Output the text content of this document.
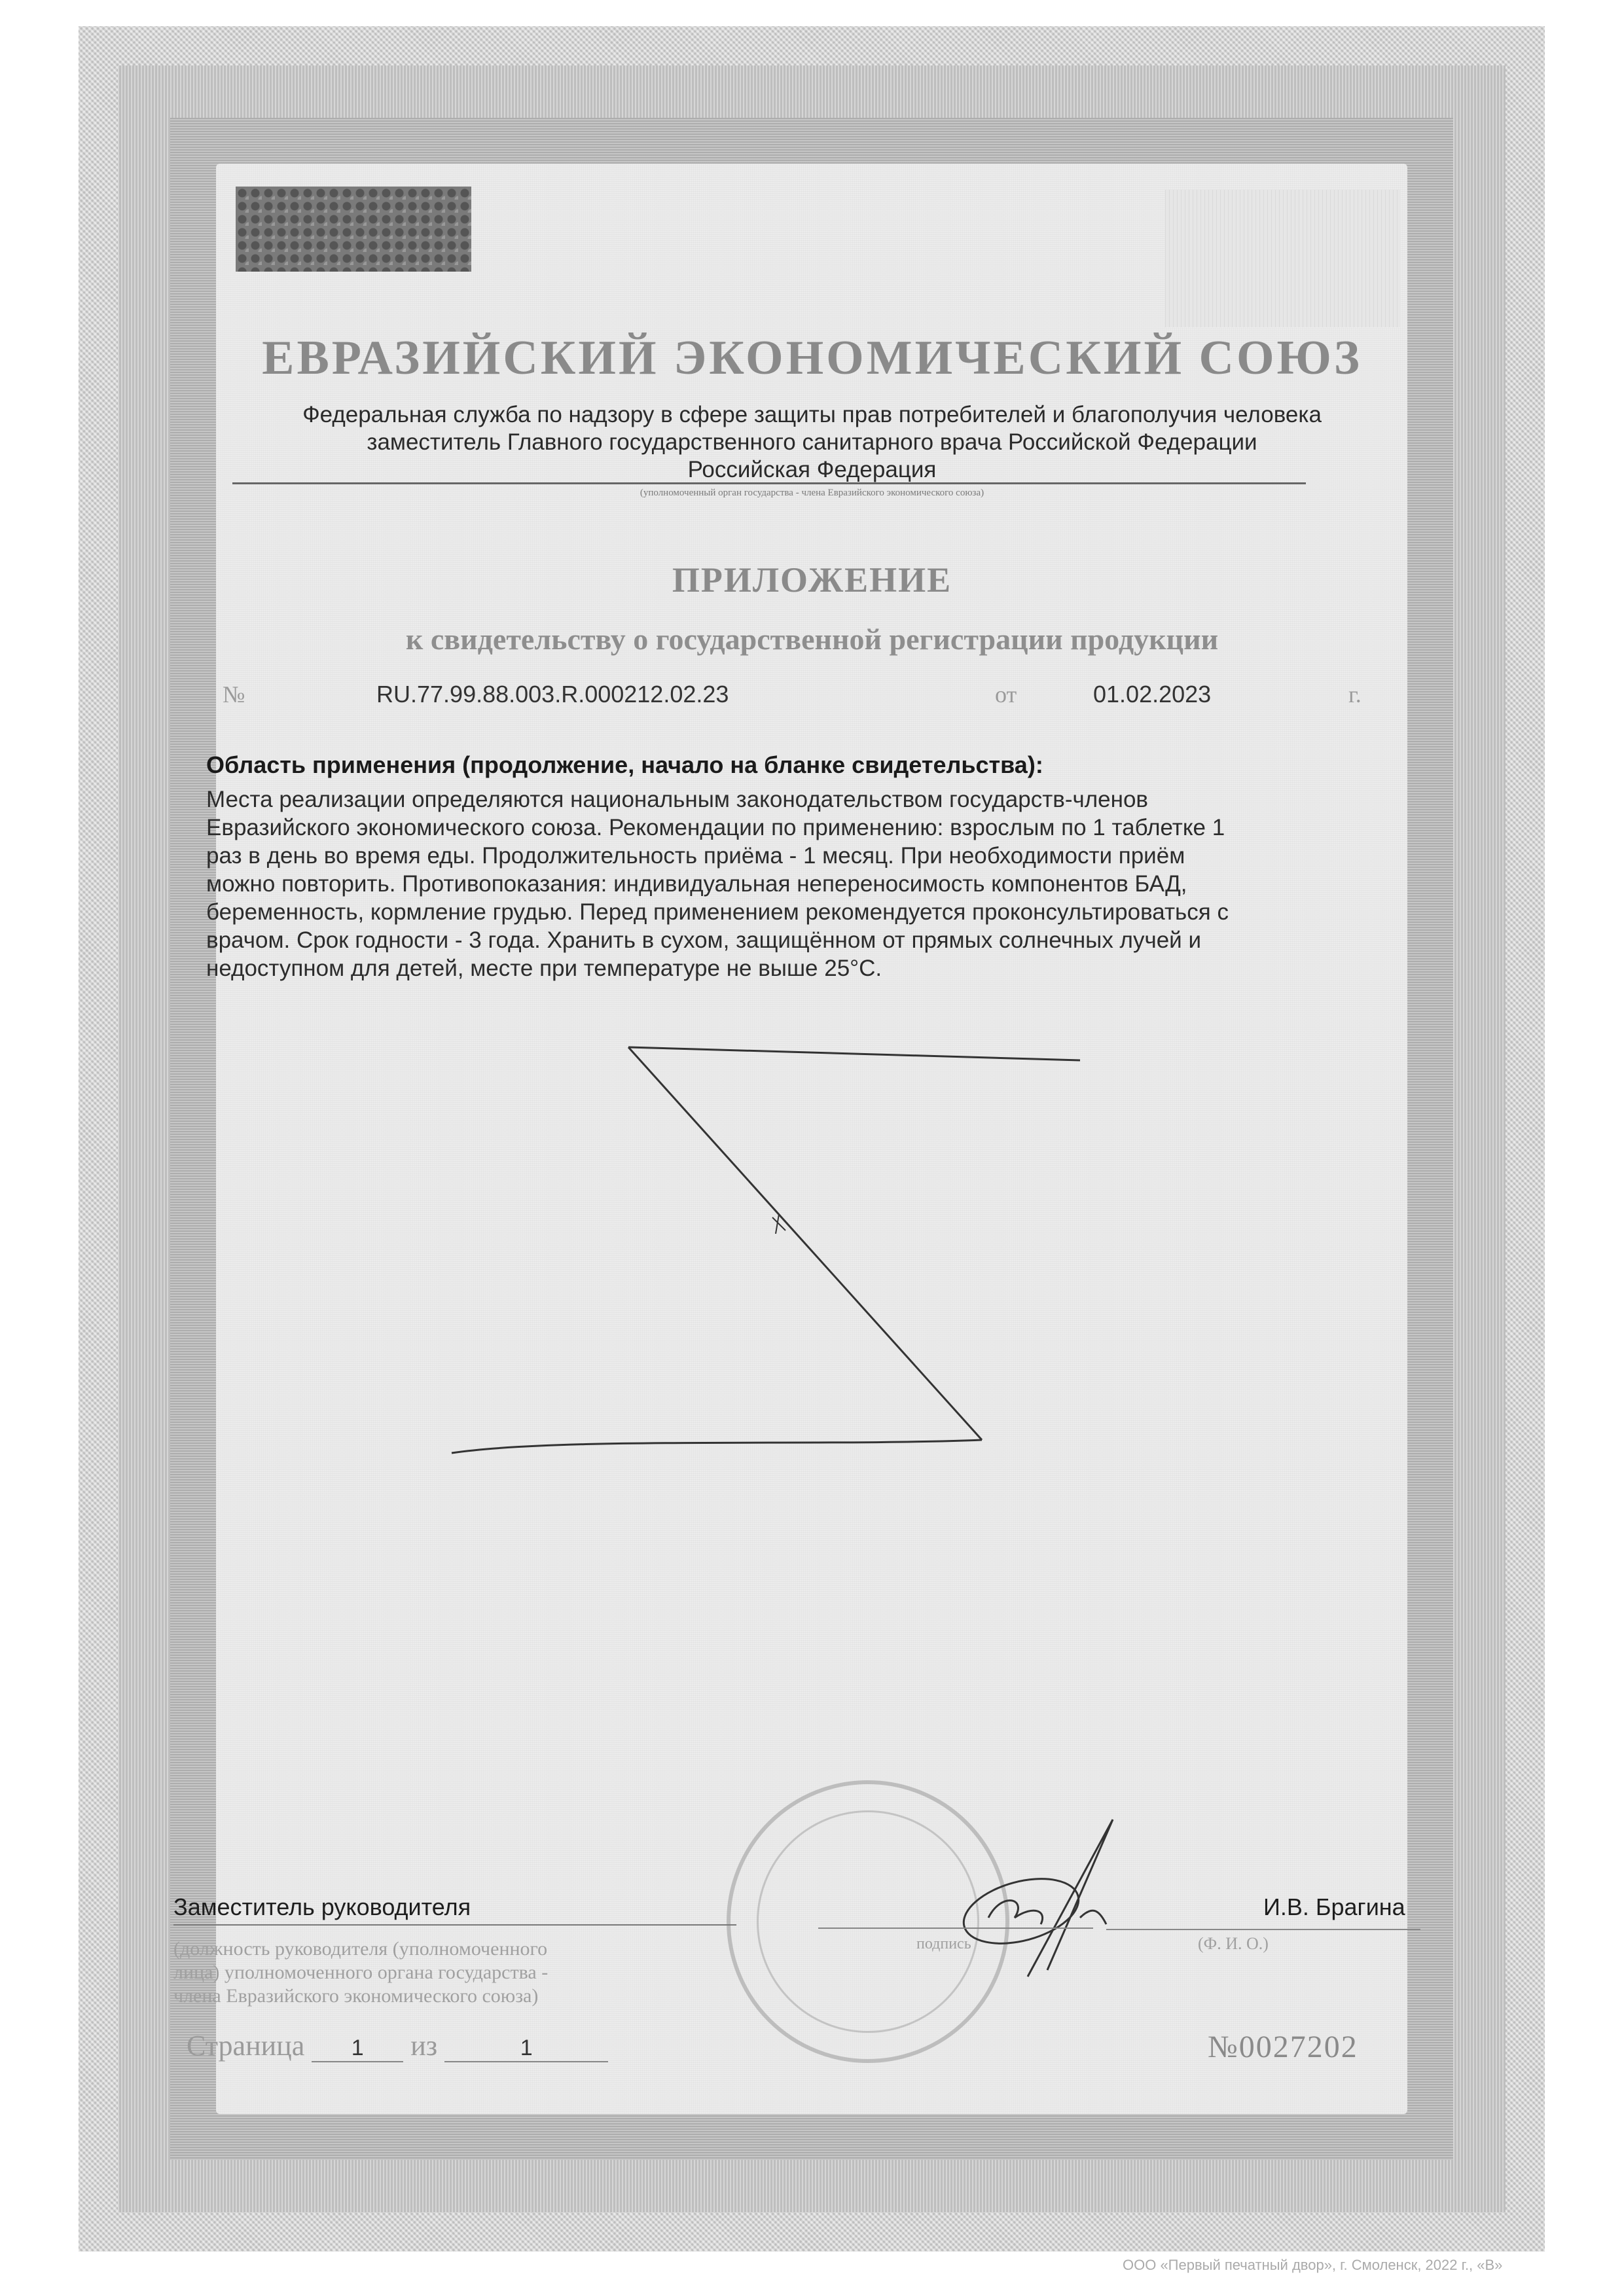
ЕВРАЗИЙСКИЙ ЭКОНОМИЧЕСКИЙ СОЮЗ
Федеральная служба по надзору в сфере защиты прав потребителей и благополучия человека
заместитель Главного государственного санитарного врача Российской Федерации
Российская Федерация
(уполномоченный орган государства - члена Евразийского экономического союза)
ПРИЛОЖЕНИЕ
к свидетельству о государственной регистрации продукции
№	RU.77.99.88.003.R.000212.02.23	от	01.02.2023	г.
Область применения (продолжение, начало на бланке свидетельства):
Места реализации определяются национальным законодательством государств-членов
Евразийского экономического союза. Рекомендации по применению: взрослым по 1 таблетке 1
раз в день во время еды. Продолжительность приёма - 1 месяц. При необходимости приём
можно повторить. Противопоказания: индивидуальная непереносимость компонентов БАД,
беременность, кормление грудью. Перед применением рекомендуется проконсультироваться с
врачом. Срок годности - 3 года. Хранить в сухом, защищённом от прямых солнечных лучей и
недоступном для детей, месте при температуре не выше 25°С.
Заместитель руководителя
(должность руководителя (уполномоченного
лица) уполномоченного органа государства -
члена Евразийского экономического союза)
подпись
И.В. Брагина
(Ф. И. О.)
Страница 1 из	1	№0027202
ООО «Первый печатный двор», г. Смоленск, 2022 г., «В»
